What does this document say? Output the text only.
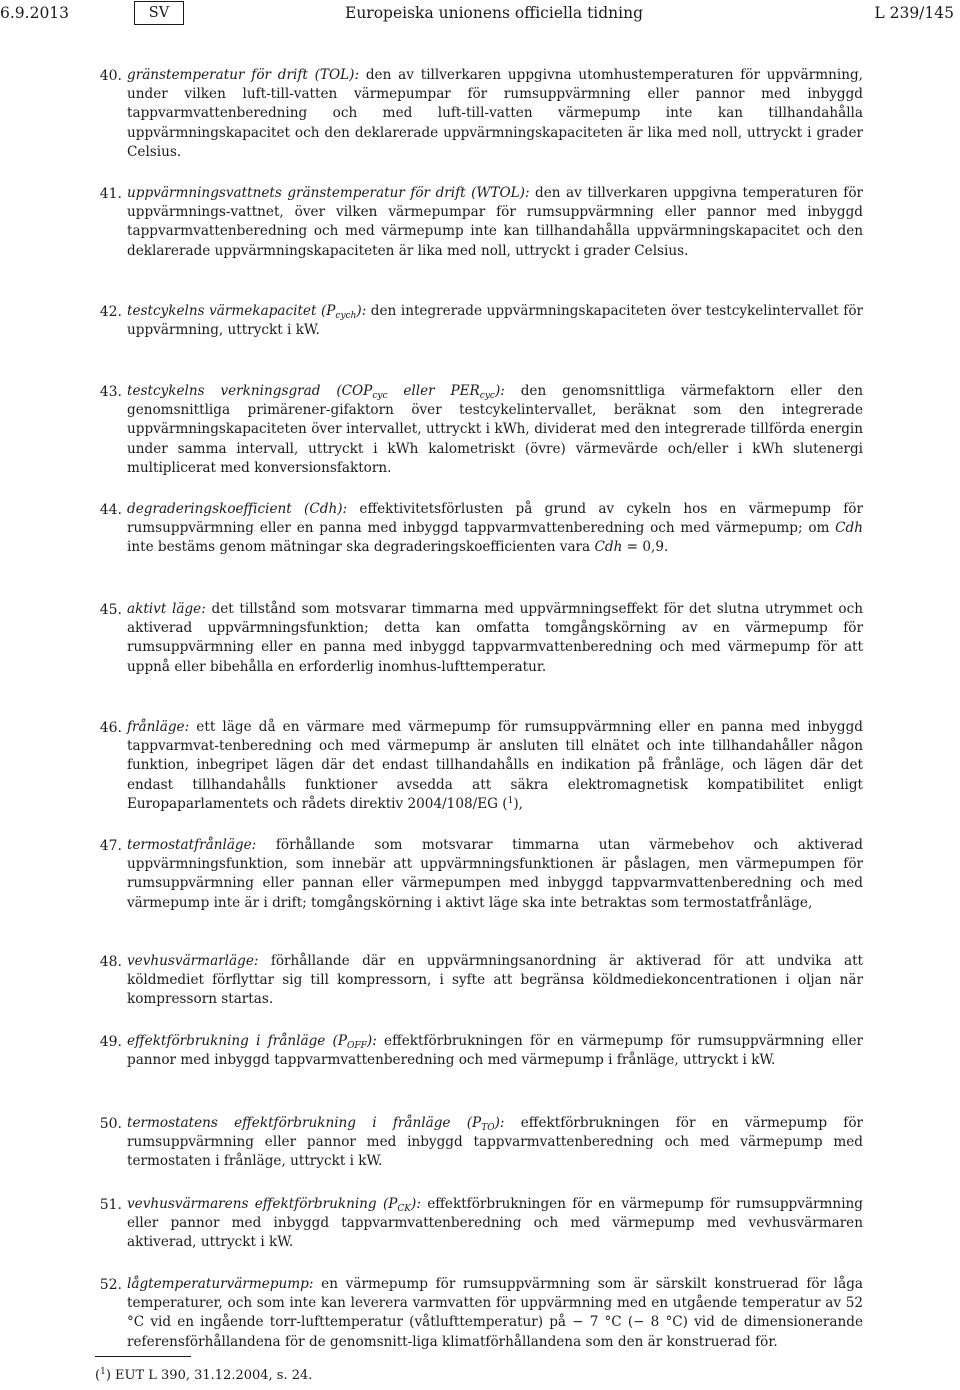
6.9.2013	SV	Europeiska unionens officiella tidning	L 239/145
40. gränstemperatur för drift (TOL): den av tillverkaren uppgivna utomhustemperaturen för uppvärmning, under vilken luft-till-vatten värmepumpar för rumsuppvärmning eller pannor med inbyggd tappvarmvattenberedning och med luft-till-vatten värmepump inte kan tillhandahålla uppvärmningskapacitet och den deklarerade uppvärmningskapaciteten är lika med noll, uttryckt i grader Celsius.
41. uppvärmningsvattnets gränstemperatur för drift (WTOL): den av tillverkaren uppgivna temperaturen för uppvärmnings-vattnet, över vilken värmepumpar för rumsuppvärmning eller pannor med inbyggd tappvarmvattenberedning och med värmepump inte kan tillhandahålla uppvärmningskapacitet och den deklarerade uppvärmningskapaciteten är lika med noll, uttryckt i grader Celsius.
42. testcykelns värmekapacitet $(P_{cych})$: den integrerade uppvärmningskapaciteten över testcykelintervallet för uppvärmning, uttryckt i kW.
43. testcykelns verkningsgrad ($COP_{cyc}$ eller $PER_{cyc}$): den genomsnittliga värmefaktorn eller den genomsnittliga primärener-gifaktorn över testcykelintervallet, beräknat som den integrerade uppvärmningskapaciteten över intervallet, uttryckt i kWh, dividerat med den integrerade tillförda energin under samma intervall, uttryckt i kWh kalometriskt (övre) värmevärde och/eller i kWh slutenergi multiplicerat med konversionsfaktorn.
44. degraderingskoefficient (Cdh): effektivitetsförlusten på grund av cykeln hos en värmepump för rumsuppvärmning eller en panna med inbyggd tappvarmvattenberedning och med värmepump; om Cdh inte bestäms genom mätningar ska degraderingskoefficienten vara Cdh = 0,9.
45. aktivt läge: det tillstånd som motsvarar timmarna med uppvärmningseffekt för det slutna utrymmet och aktiverad uppvärmningsfunktion; detta kan omfatta tomgångskörning av en värmepump för rumsuppvärmning eller en panna med inbyggd tappvarmvattenberedning och med värmepump för att uppnå eller bibehålla en erforderlig inomhus-lufttemperatur.
46. frånläge: ett läge då en värmare med värmepump för rumsuppvärmning eller en panna med inbyggd tappvarmvat-tenberedning och med värmepump är ansluten till elnätet och inte tillhandahåller någon funktion, inbegripet lägen där det endast tillhandahålls en indikation på frånläge, och lägen där det endast tillhandahålls funktioner avsedda att säkra elektromagnetisk kompatibilitet enligt Europaparlamentets och rådets direktiv 2004/108/EG ($^1$),
47. termostatfrånläge: förhållande som motsvarar timmarna utan värmebehov och aktiverad uppvärmningsfunktion, som innebär att uppvärmningsfunktionen är påslagen, men värmepumpen för rumsuppvärmning eller pannan eller värmepumpen med inbyggd tappvarmvattenberedning och med värmepump inte är i drift; tomgångskörning i aktivt läge ska inte betraktas som termostatfrånläge,
48. vevhusvärmarläge: förhållande där en uppvärmningsanordning är aktiverad för att undvika att köldmediet förflyttar sig till kompressorn, i syfte att begränsa köldmediekoncentrationen i oljan när kompressorn startas.
49. effektförbrukning i frånläge $(P_{OFF})$: effektförbrukningen för en värmepump för rumsuppvärmning eller pannor med inbyggd tappvarmvattenberedning och med värmepump i frånläge, uttryckt i kW.
50. termostatens effektförbrukning i frånläge $(P_{TO})$: effektförbrukningen för en värmepump för rumsuppvärmning eller pannor med inbyggd tappvarmvattenberedning och med värmepump med termostaten i frånläge, uttryckt i kW.
51. vevhusvärmarens effektförbrukning $(P_{CK})$: effektförbrukningen för en värmepump för rumsuppvärmning eller pannor med inbyggd tappvarmvattenberedning och med värmepump med vevhusvärmaren aktiverad, uttryckt i kW.
52. lågtemperaturvärmepump: en värmepump för rumsuppvärmning som är särskilt konstruerad för låga temperaturer, och som inte kan leverera varmvatten för uppvärmning med en utgående temperatur av 52 °C vid en ingående torr-lufttemperatur (våtlufttemperatur) på − 7 °C (− 8 °C) vid de dimensionerande referensförhållandena för de genomsnitt-liga klimatförhållandena som den är konstruerad för.
($^1$) EUT L 390, 31.12.2004, s. 24.
